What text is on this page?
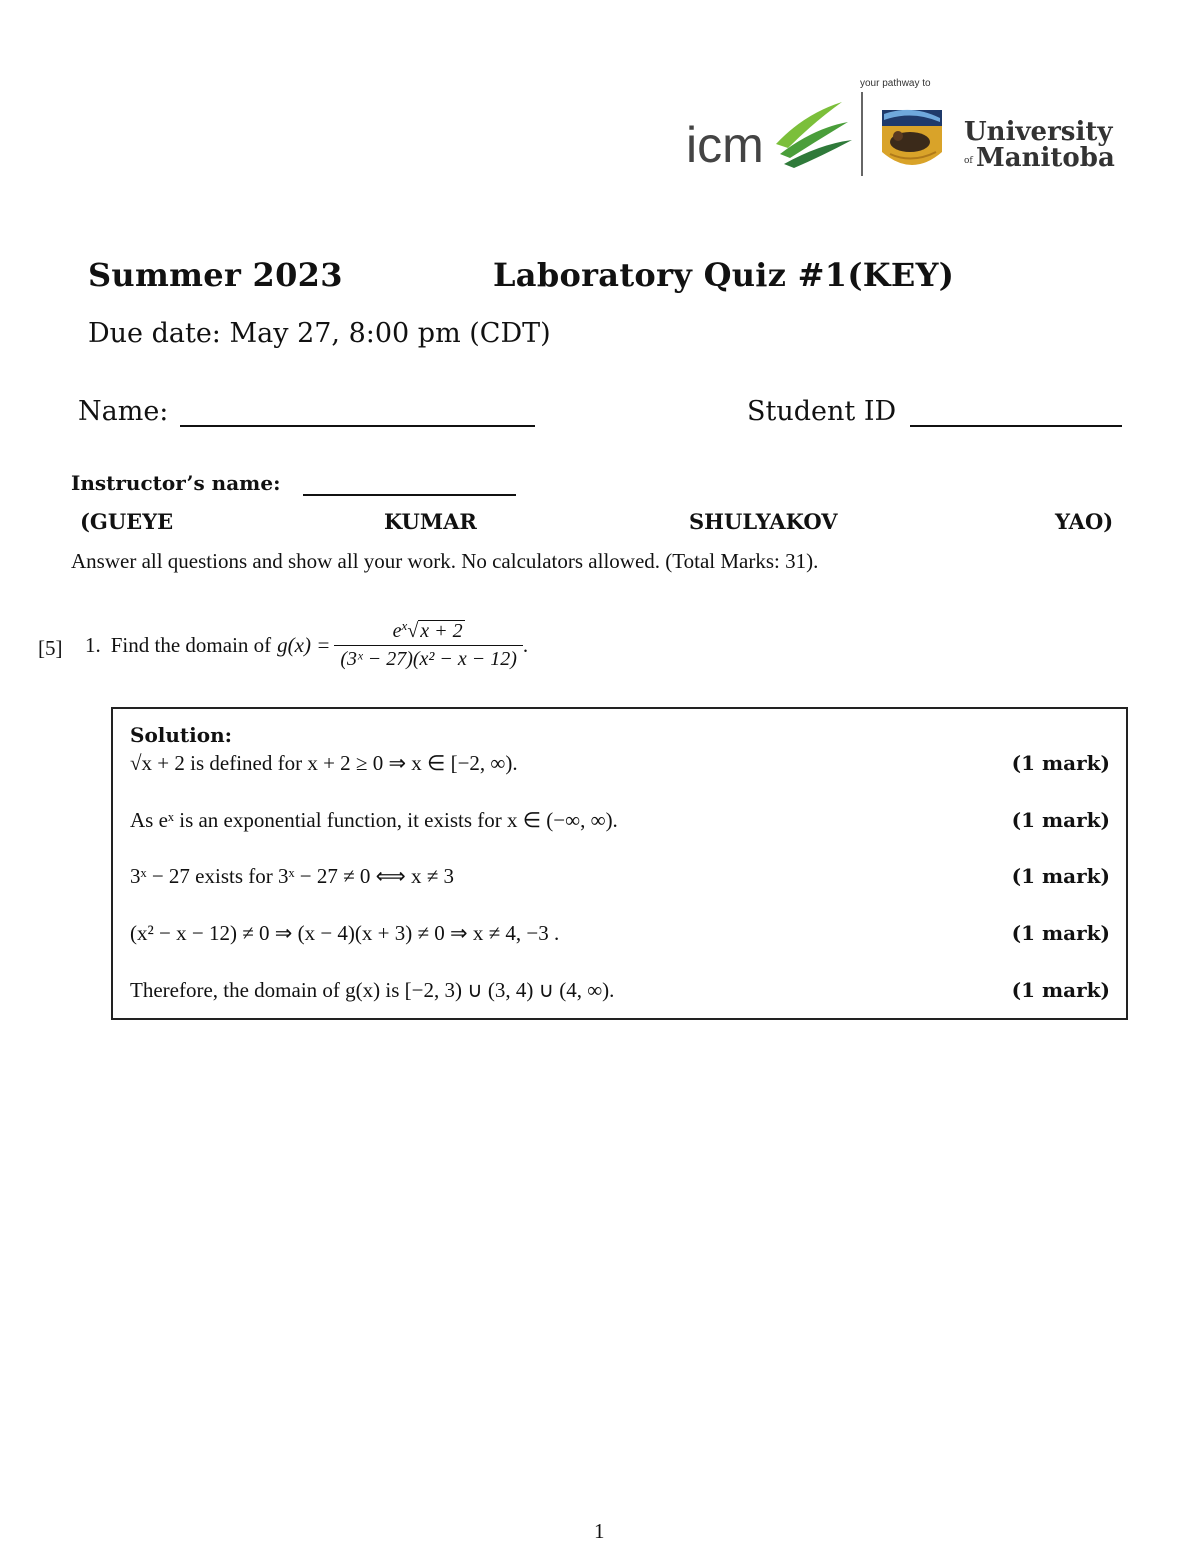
icm
your pathway to
University
of Manitoba
Summer 2023	Laboratory Quiz #1(KEY)
Due date: May 27, 8:00 pm (CDT)
Name:	Student ID
Instructor’s name:
(GUEYE	KUMAR	SHULYAKOV	YAO)
Answer all questions and show all your work. No calculators allowed. (Total Marks: 31).
[5] 1. Find the domain of $g(x) = \frac{e^x√ x + 2}{\text{(3ˣ − 27)(x² − x − 12)}}$ .
Solution:
√x + 2 is defined for x + 2 ≥ 0 ⇒ x ∈ [−2, ∞).	(1 mark)
As eˣ is an exponential function, it exists for x ∈ (−∞, ∞).	(1 mark)
3ˣ − 27 exists for 3ˣ − 27 ≠ 0 ⟺ x ≠ 3	(1 mark)
(x² − x − 12) ≠ 0 ⇒ (x − 4)(x + 3) ≠ 0 ⇒ x ≠ 4, −3 .	(1 mark)
Therefore, the domain of g(x) is [−2, 3) ∪ (3, 4) ∪ (4, ∞).	(1 mark)
1
